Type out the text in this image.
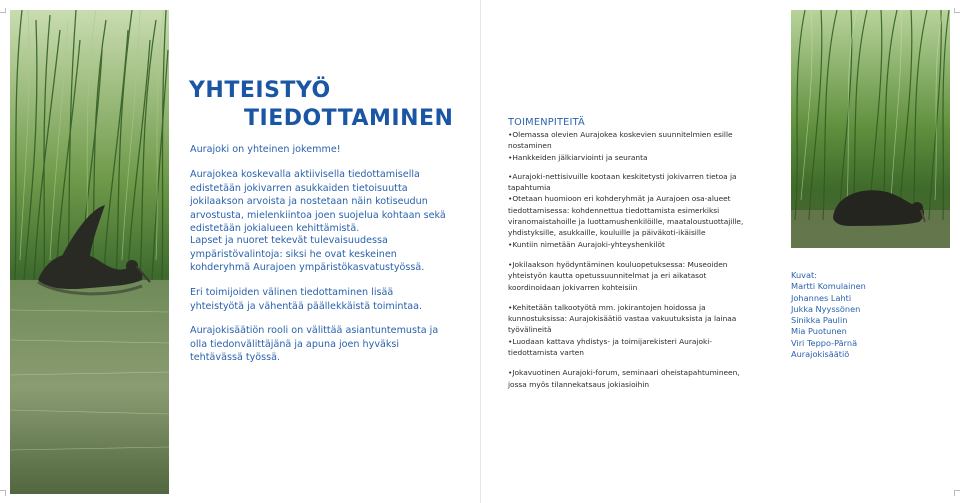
YHTEISTYÖ
TIEDOTTAMINEN

Aurajoki on yhteinen jokemme!

Aurajokea koskevalla aktiivisella tiedottamisella edistetään jokivarren asukkaiden tietoisuutta jokilaakson arvoista ja nostetaan näin kotiseudun arvostusta, mielenkiintoa joen suojelua kohtaan sekä edistetään jokialueen kehittämistä.

Lapset ja nuoret tekevät tulevaisuudessa ympäristövalintoja: siksi he ovat keskeinen kohderyhmä Aurajoen ympäristökasvatustyössä.

Eri toimijoiden välinen tiedottaminen lisää yhteistyötä ja vähentää päällekkäistä toimintaa.

Aurajokisäätiön rooli on välittää asiantuntemusta ja olla tiedonvälittäjänä ja apuna joen hyväksi tehtävässä työssä.

TOIMENPITEITÄ

•Olemassa olevien Aurajokea koskevien suunnitelmien esille nostaminen
•Hankkeiden jälkiarviointi ja seuranta
•Aurajoki-nettisivuille kootaan keskitetysti jokivarren tietoa ja tapahtumia
•Otetaan huomioon eri kohderyhmät ja Aurajoen osa-alueet tiedottamisessa: kohdennettua tiedottamista esimerkiksi viranomaistahoille ja luottamushenkilöille, maataloustuottajille, yhdistyksille, asukkaille, kouluille ja päiväkoti-ikäisille
•Kuntiin nimetään Aurajoki-yhteyshenkilöt
•Jokilaakson hyödyntäminen kouluopetuksessa: Museoiden yhteistyön kautta opetussuunnitelmat ja eri aikatasot koordinoidaan jokivarren kohteisiin
•Kehitetään talkootyötä mm. jokirantojen hoidossa ja kunnostuksissa: Aurajokisäätiö vastaa vakuutuksista ja lainaa työvälineitä
•Luodaan kattava yhdistys- ja toimijarekisteri Aurajoki-tiedottamista varten
•Jokavuotinen Aurajoki-forum, seminaari oheistapahtumineen, jossa myös tilannekatsaus jokiasioihin
Kuvat:
Martti Komulainen
Johannes Lahti
Jukka Nyyssönen
Sinikka Paulin
Mia Puotunen
Viri Teppo-Pärnä
Aurajokisäätiö
